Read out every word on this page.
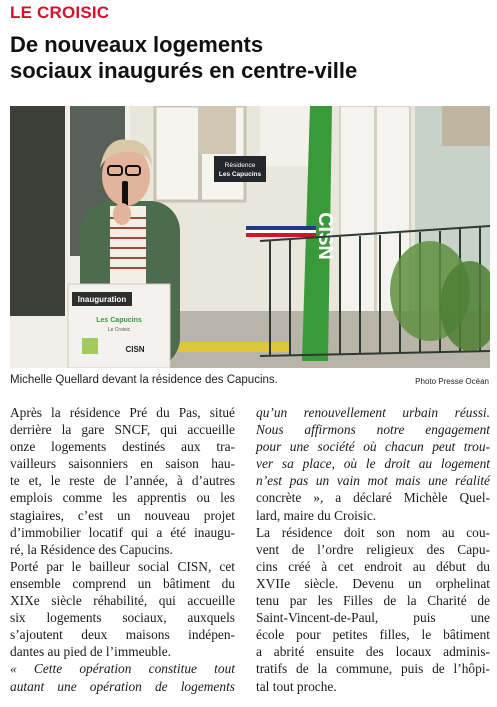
LE CROISIC
De nouveaux logements
sociaux inaugurés en centre-ville
Résidence
Les Capucins
Inauguration
Les Capucins
Le Croisic
CISN
Michelle Quellard devant la résidence des Capucins.	Photo Presse Océan
Après la résidence Pré du Pas, situé
derrière la gare SNCF, qui accueille
onze logements destinés aux tra-
vailleurs saisonniers en saison hau-
te et, le reste de l’année, à d’autres
emplois comme les apprentis ou les
stagiaires, c’est un nouveau projet
d’immobilier locatif qui a été inaugu-
ré, la Résidence des Capucins.
Porté par le bailleur social CISN, cet
ensemble comprend un bâtiment du
XIXe siècle réhabilité, qui accueille
six logements sociaux, auxquels
s’ajoutent deux maisons indépen-
dantes au pied de l’immeuble.
« Cette opération constitue tout
autant une opération de logements
qu’un renouvellement urbain réussi.
Nous affirmons notre engagement
pour une société où chacun peut trou-
ver sa place, où le droit au logement
n’est pas un vain mot mais une réalité
concrète », a déclaré Michèle Quel-
lard, maire du Croisic.
La résidence doit son nom au cou-
vent de l’ordre religieux des Capu-
cins créé à cet endroit au début du
XVIIe siècle. Devenu un orphelinat
tenu par les Filles de la Charité de
Saint-Vincent-de-Paul, puis une
école pour petites filles, le bâtiment
a abrité ensuite des locaux adminis-
tratifs de la commune, puis de l’hôpi-
tal tout proche.
